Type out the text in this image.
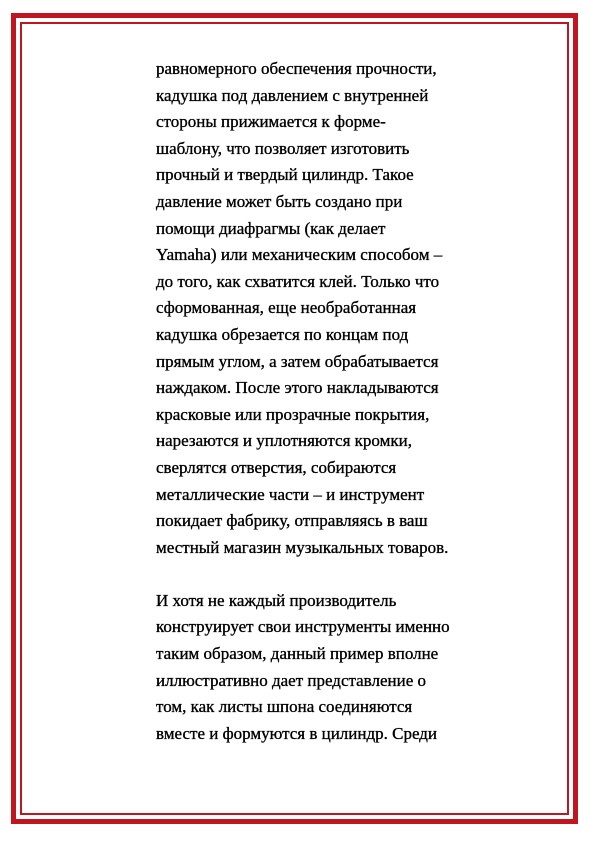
равномерного обеспечения прочности,
кадушка под давлением с внутренней
стороны прижимается к форме-
шаблону, что позволяет изготовить
прочный и твердый цилиндр. Такое
давление может быть создано при
помощи диафрагмы (как делает
Yamaha) или механическим способом –
до того, как схватится клей. Только что
сформованная, еще необработанная
кадушка обрезается по концам под
прямым углом, а затем обрабатывается
наждаком. После этого накладываются
красковые или прозрачные покрытия,
нарезаются и уплотняются кромки,
сверлятся отверстия, собираются
металлические части – и инструмент
покидает фабрику, отправляясь в ваш
местный магазин музыкальных товаров.
И хотя не каждый производитель
конструирует свои инструменты именно
таким образом, данный пример вполне
иллюстративно дает представление о
том, как листы шпона соединяются
вместе и формуются в цилиндр. Среди
